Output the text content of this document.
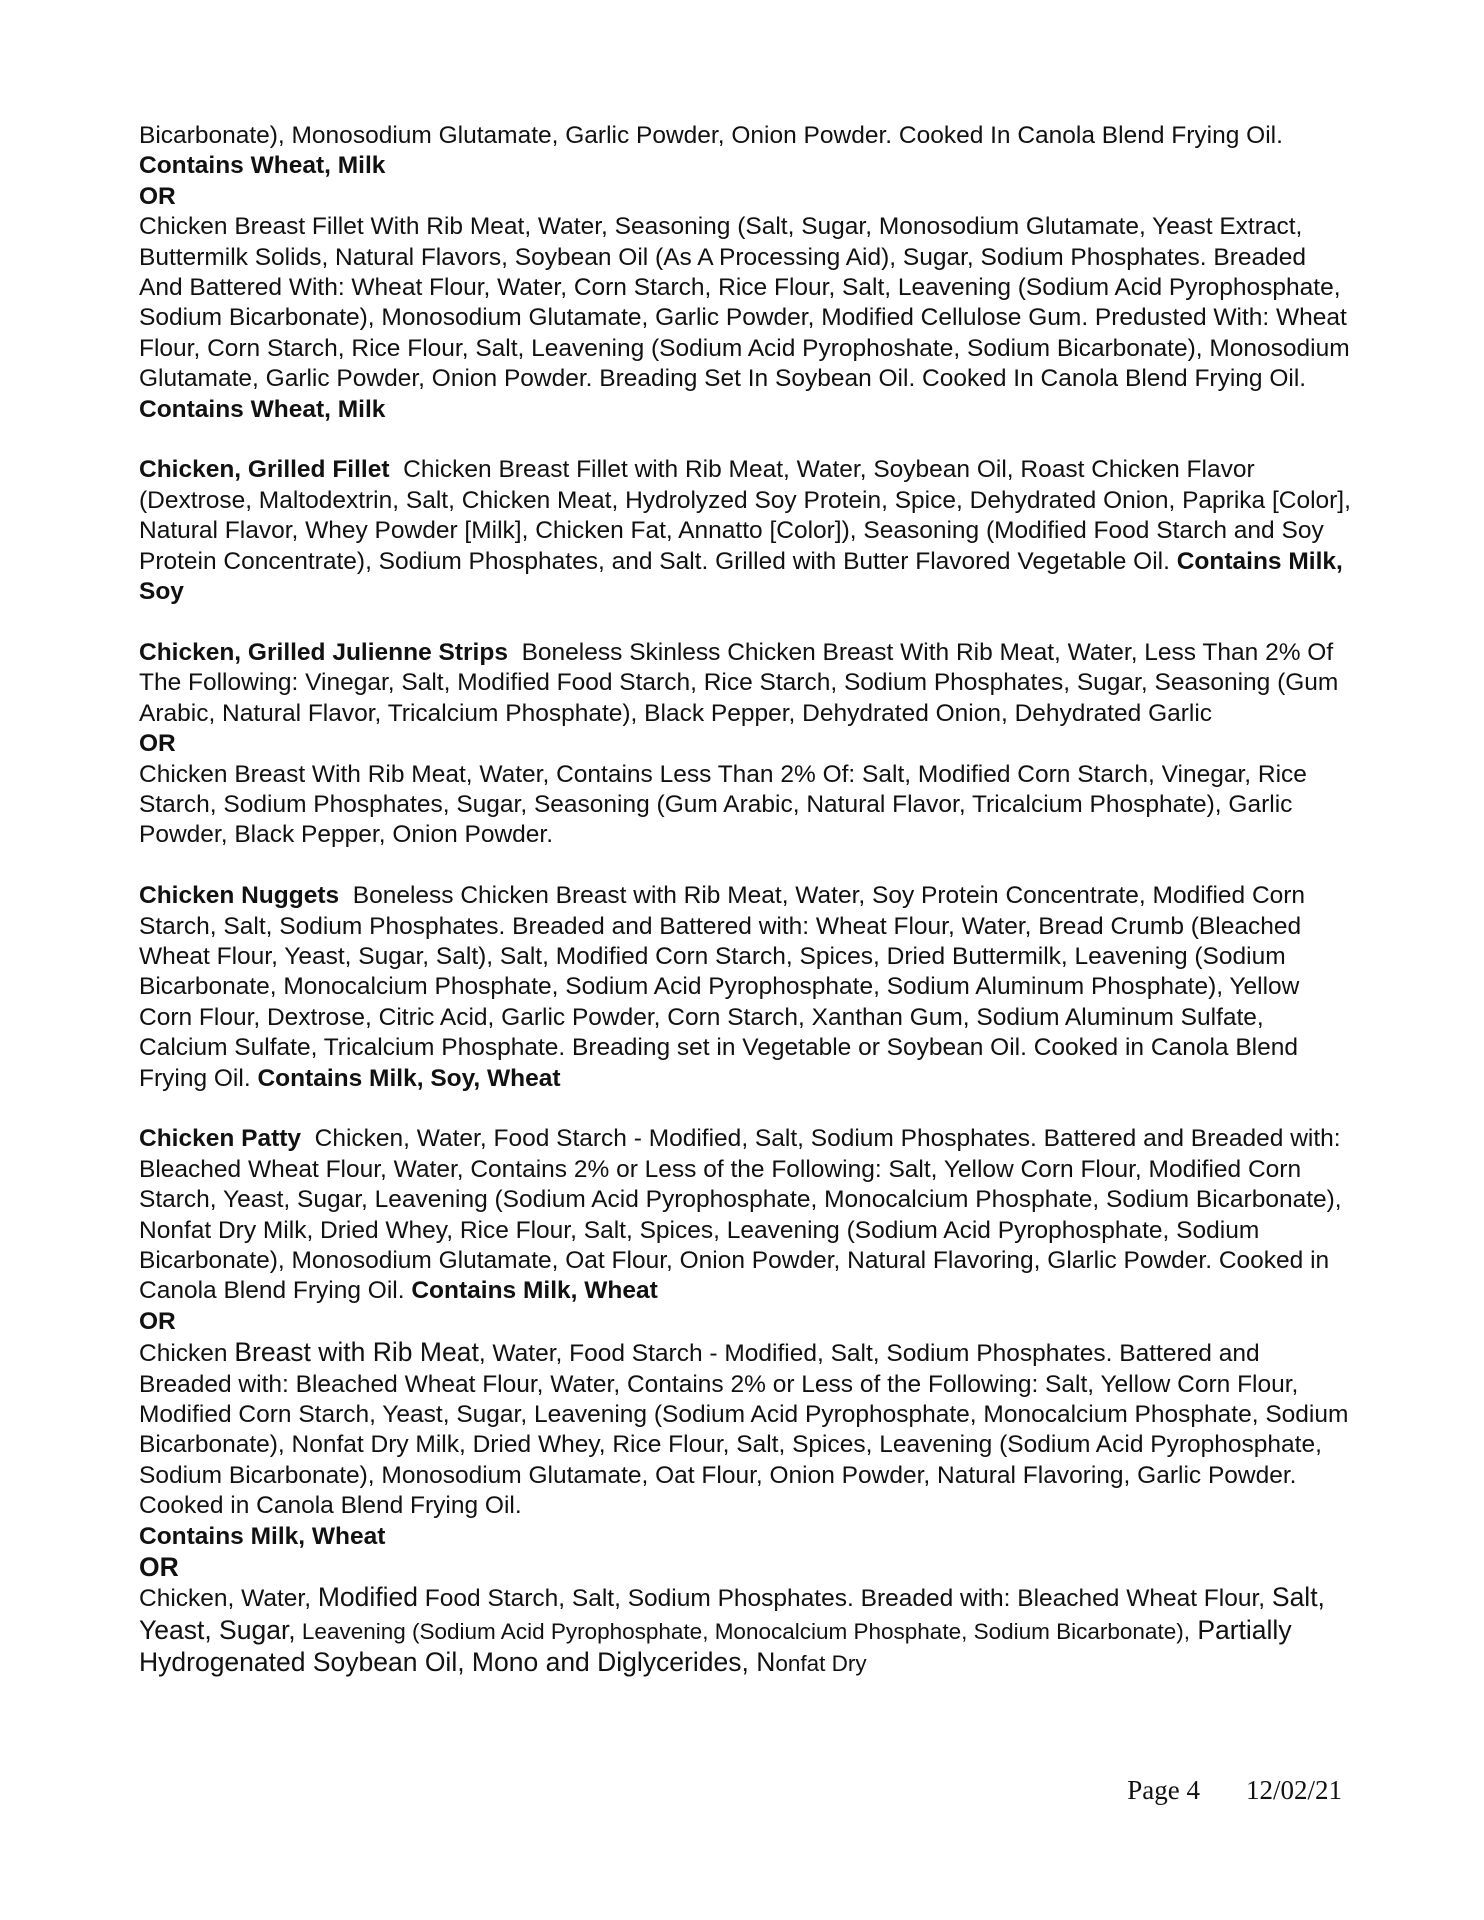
Bicarbonate), Monosodium Glutamate, Garlic Powder, Onion Powder. Cooked In Canola Blend Frying Oil. Contains Wheat, Milk

OR

Chicken Breast Fillet With Rib Meat, Water, Seasoning (Salt, Sugar, Monosodium Glutamate, Yeast Extract, Buttermilk Solids, Natural Flavors, Soybean Oil (As A Processing Aid), Sugar, Sodium Phosphates. Breaded And Battered With: Wheat Flour, Water, Corn Starch, Rice Flour, Salt, Leavening (Sodium Acid Pyrophosphate, Sodium Bicarbonate), Monosodium Glutamate, Garlic Powder, Modified Cellulose Gum. Predusted With: Wheat Flour, Corn Starch, Rice Flour, Salt, Leavening (Sodium Acid Pyrophoshate, Sodium Bicarbonate), Monosodium Glutamate, Garlic Powder, Onion Powder. Breading Set In Soybean Oil. Cooked In Canola Blend Frying Oil. Contains Wheat, Milk

Chicken, Grilled Fillet Chicken Breast Fillet with Rib Meat, Water, Soybean Oil, Roast Chicken Flavor (Dextrose, Maltodextrin, Salt, Chicken Meat, Hydrolyzed Soy Protein, Spice, Dehydrated Onion, Paprika [Color], Natural Flavor, Whey Powder [Milk], Chicken Fat, Annatto [Color]), Seasoning (Modified Food Starch and Soy Protein Concentrate), Sodium Phosphates, and Salt. Grilled with Butter Flavored Vegetable Oil. Contains Milk, Soy

Chicken, Grilled Julienne Strips Boneless Skinless Chicken Breast With Rib Meat, Water, Less Than 2% Of The Following: Vinegar, Salt, Modified Food Starch, Rice Starch, Sodium Phosphates, Sugar, Seasoning (Gum Arabic, Natural Flavor, Tricalcium Phosphate), Black Pepper, Dehydrated Onion, Dehydrated Garlic

OR

Chicken Breast With Rib Meat, Water, Contains Less Than 2% Of: Salt, Modified Corn Starch, Vinegar, Rice Starch, Sodium Phosphates, Sugar, Seasoning (Gum Arabic, Natural Flavor, Tricalcium Phosphate), Garlic Powder, Black Pepper, Onion Powder.

Chicken Nuggets Boneless Chicken Breast with Rib Meat, Water, Soy Protein Concentrate, Modified Corn Starch, Salt, Sodium Phosphates. Breaded and Battered with: Wheat Flour, Water, Bread Crumb (Bleached Wheat Flour, Yeast, Sugar, Salt), Salt, Modified Corn Starch, Spices, Dried Buttermilk, Leavening (Sodium Bicarbonate, Monocalcium Phosphate, Sodium Acid Pyrophosphate, Sodium Aluminum Phosphate), Yellow Corn Flour, Dextrose, Citric Acid, Garlic Powder, Corn Starch, Xanthan Gum, Sodium Aluminum Sulfate, Calcium Sulfate, Tricalcium Phosphate. Breading set in Vegetable or Soybean Oil. Cooked in Canola Blend Frying Oil. Contains Milk, Soy, Wheat

Chicken Patty Chicken, Water, Food Starch - Modified, Salt, Sodium Phosphates. Battered and Breaded with: Bleached Wheat Flour, Water, Contains 2% or Less of the Following: Salt, Yellow Corn Flour, Modified Corn Starch, Yeast, Sugar, Leavening (Sodium Acid Pyrophosphate, Monocalcium Phosphate, Sodium Bicarbonate), Nonfat Dry Milk, Dried Whey, Rice Flour, Salt, Spices, Leavening (Sodium Acid Pyrophosphate, Sodium Bicarbonate), Monosodium Glutamate, Oat Flour, Onion Powder, Natural Flavoring, Glarlic Powder. Cooked in Canola Blend Frying Oil. Contains Milk, Wheat

OR

Chicken Breast with Rib Meat, Water, Food Starch - Modified, Salt, Sodium Phosphates. Battered and Breaded with: Bleached Wheat Flour, Water, Contains 2% or Less of the Following: Salt, Yellow Corn Flour, Modified Corn Starch, Yeast, Sugar, Leavening (Sodium Acid Pyrophosphate, Monocalcium Phosphate, Sodium Bicarbonate), Nonfat Dry Milk, Dried Whey, Rice Flour, Salt, Spices, Leavening (Sodium Acid Pyrophosphate, Sodium Bicarbonate), Monosodium Glutamate, Oat Flour, Onion Powder, Natural Flavoring, Garlic Powder. Cooked in Canola Blend Frying Oil.

Contains Milk, Wheat
OR

Chicken, Water, Modified Food Starch, Salt, Sodium Phosphates. Breaded with: Bleached Wheat Flour, Salt, Yeast, Sugar, Leavening (Sodium Acid Pyrophosphate, Monocalcium Phosphate, Sodium Bicarbonate), Partially Hydrogenated Soybean Oil, Mono and Diglycerides, Nonfat Dry

Page 4 12/02/21
